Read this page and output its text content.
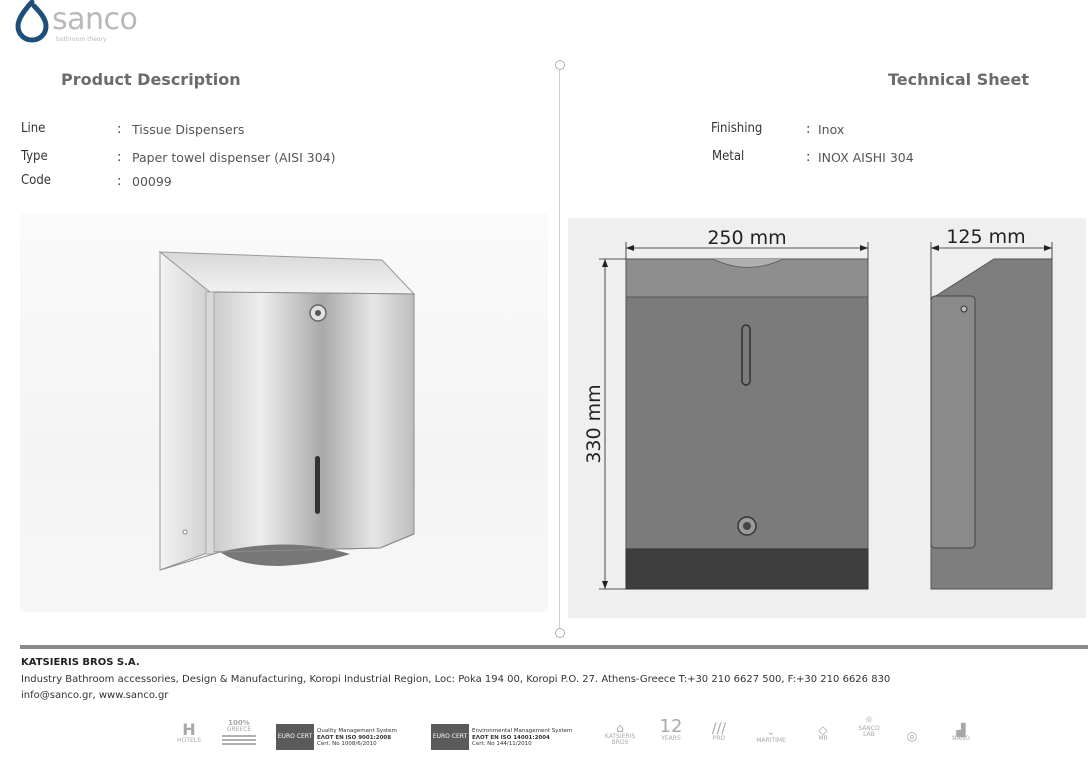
sanco
bathroom theory
Product Description	Technical Sheet
Line	: Tissue Dispensers
Type	: Paper towel dispenser (AISI 304)
Code	: 00099
Finishing	: Inox
Metal	: INOX AISHI 304
250 mm	125 mm
330 mm
KATSIERIS BROS S.A.
Industry Bathroom accessories, Design & Manufacturing, Koropi Industrial Region, Loc: Poka 194 00, Koropi P.O. 27. Athens-Greece T:+30 210 6627 500, F:+30 210 6626 830
info@sanco.gr, www.sanco.gr
H
HOTELS
100%
GREECE
EURO CERT
Quality Management System
ΕΛΟΤ EN ISO 9001:2008
Cert. No 1008/6/2010
EURO CERT
Environmental Management System
ΕΛΟΤ EN ISO 14001:2004
Cert. No 144/11/2010
⌂
KATSIERIS BROS
12
YEARS
///
PRO
⌄
MARITIME
◇
MR
☼
SANCO LAB	◎	▟
NANO
